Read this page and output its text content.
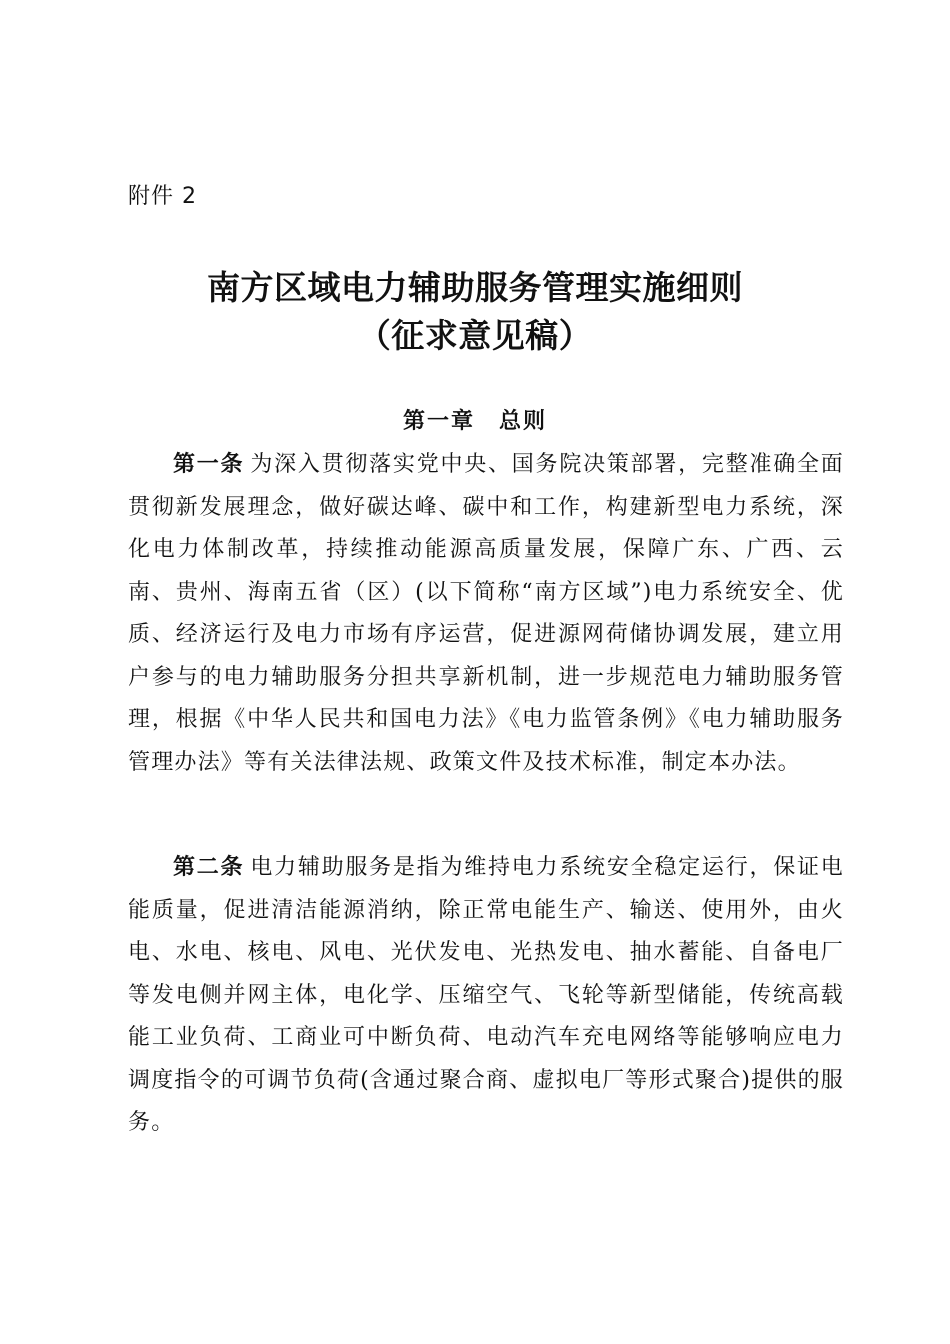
附件 2
南方区域电力辅助服务管理实施细则
（征求意见稿）
第一章　总则

第一条 为深入贯彻落实党中央、国务院决策部署，完整准确全面贯彻新发展理念，做好碳达峰、碳中和工作，构建新型电力系统，深化电力体制改革，持续推动能源高质量发展，保障广东、广西、云南、贵州、海南五省（区）(以下简称“南方区域”)电力系统安全、优质、经济运行及电力市场有序运营，促进源网荷储协调发展，建立用户参与的电力辅助服务分担共享新机制，进一步规范电力辅助服务管理，根据《中华人民共和国电力法》《电力监管条例》《电力辅助服务管理办法》等有关法律法规、政策文件及技术标准，制定本办法。

第二条 电力辅助服务是指为维持电力系统安全稳定运行，保证电能质量，促进清洁能源消纳，除正常电能生产、输送、使用外，由火电、水电、核电、风电、光伏发电、光热发电、抽水蓄能、自备电厂等发电侧并网主体，电化学、压缩空气、飞轮等新型储能，传统高载能工业负荷、工商业可中断负荷、电动汽车充电网络等能够响应电力调度指令的可调节负荷(含通过聚合商、虚拟电厂等形式聚合)提供的服务。
